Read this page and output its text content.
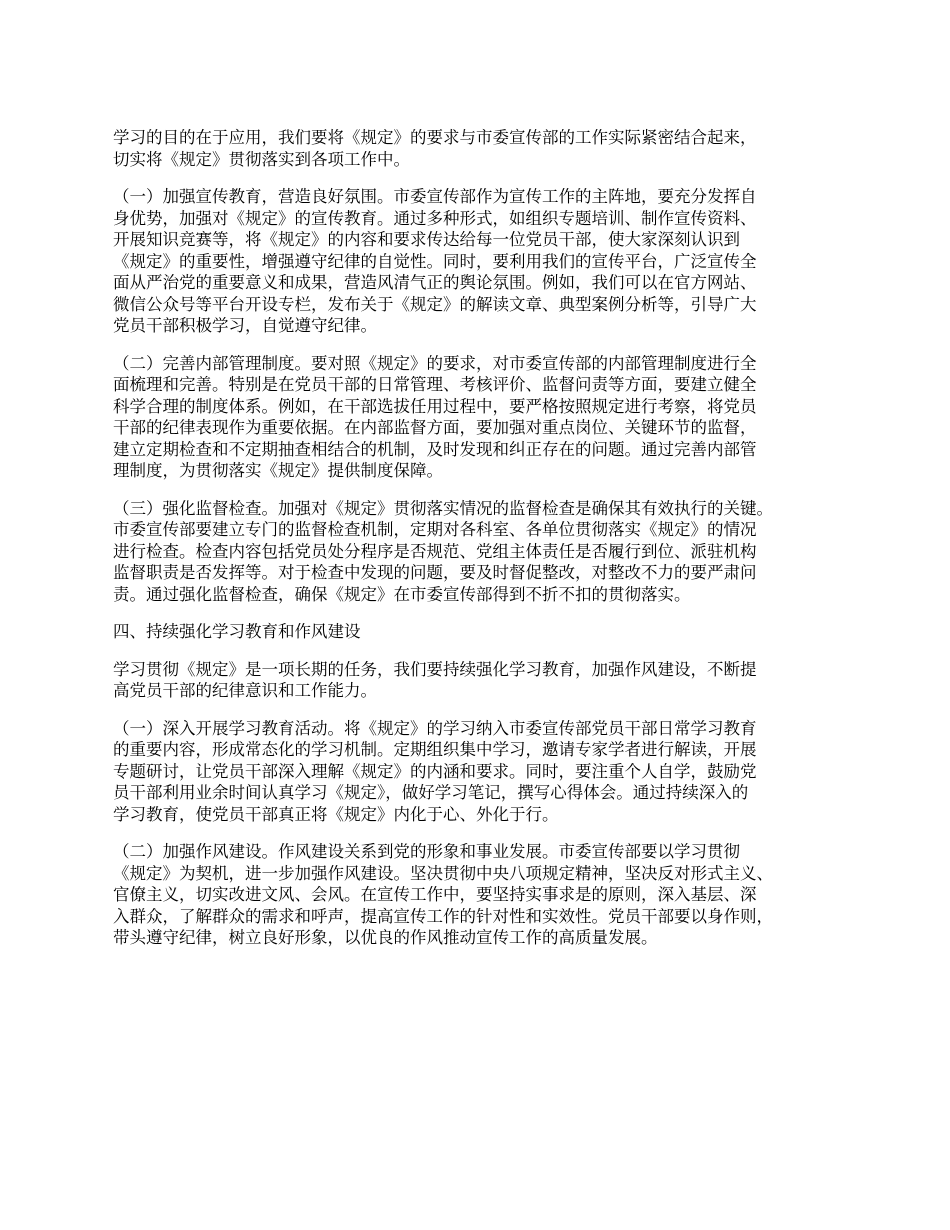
学习的目的在于应用，我们要将《规定》的要求与市委宣传部的工作实际紧密结合起来，
切实将《规定》贯彻落实到各项工作中。

（一）加强宣传教育，营造良好氛围。市委宣传部作为宣传工作的主阵地，要充分发挥自
身优势，加强对《规定》的宣传教育。通过多种形式，如组织专题培训、制作宣传资料、
开展知识竞赛等，将《规定》的内容和要求传达给每一位党员干部，使大家深刻认识到
《规定》的重要性，增强遵守纪律的自觉性。同时，要利用我们的宣传平台，广泛宣传全
面从严治党的重要意义和成果，营造风清气正的舆论氛围。例如，我们可以在官方网站、
微信公众号等平台开设专栏，发布关于《规定》的解读文章、典型案例分析等，引导广大
党员干部积极学习，自觉遵守纪律。

（二）完善内部管理制度。要对照《规定》的要求，对市委宣传部的内部管理制度进行全
面梳理和完善。特别是在党员干部的日常管理、考核评价、监督问责等方面，要建立健全
科学合理的制度体系。例如，在干部选拔任用过程中，要严格按照规定进行考察，将党员
干部的纪律表现作为重要依据。在内部监督方面，要加强对重点岗位、关键环节的监督，
建立定期检查和不定期抽查相结合的机制，及时发现和纠正存在的问题。通过完善内部管
理制度，为贯彻落实《规定》提供制度保障。

（三）强化监督检查。加强对《规定》贯彻落实情况的监督检查是确保其有效执行的关键。
市委宣传部要建立专门的监督检查机制，定期对各科室、各单位贯彻落实《规定》的情况
进行检查。检查内容包括党员处分程序是否规范、党组主体责任是否履行到位、派驻机构
监督职责是否发挥等。对于检查中发现的问题，要及时督促整改，对整改不力的要严肃问
责。通过强化监督检查，确保《规定》在市委宣传部得到不折不扣的贯彻落实。

四、持续强化学习教育和作风建设

学习贯彻《规定》是一项长期的任务，我们要持续强化学习教育，加强作风建设，不断提
高党员干部的纪律意识和工作能力。

（一）深入开展学习教育活动。将《规定》的学习纳入市委宣传部党员干部日常学习教育
的重要内容，形成常态化的学习机制。定期组织集中学习，邀请专家学者进行解读，开展
专题研讨，让党员干部深入理解《规定》的内涵和要求。同时，要注重个人自学，鼓励党
员干部利用业余时间认真学习《规定》，做好学习笔记，撰写心得体会。通过持续深入的
学习教育，使党员干部真正将《规定》内化于心、外化于行。

（二）加强作风建设。作风建设关系到党的形象和事业发展。市委宣传部要以学习贯彻
《规定》为契机，进一步加强作风建设。坚决贯彻中央八项规定精神，坚决反对形式主义、
官僚主义，切实改进文风、会风。在宣传工作中，要坚持实事求是的原则，深入基层、深
入群众，了解群众的需求和呼声，提高宣传工作的针对性和实效性。党员干部要以身作则，
带头遵守纪律，树立良好形象，以优良的作风推动宣传工作的高质量发展。
